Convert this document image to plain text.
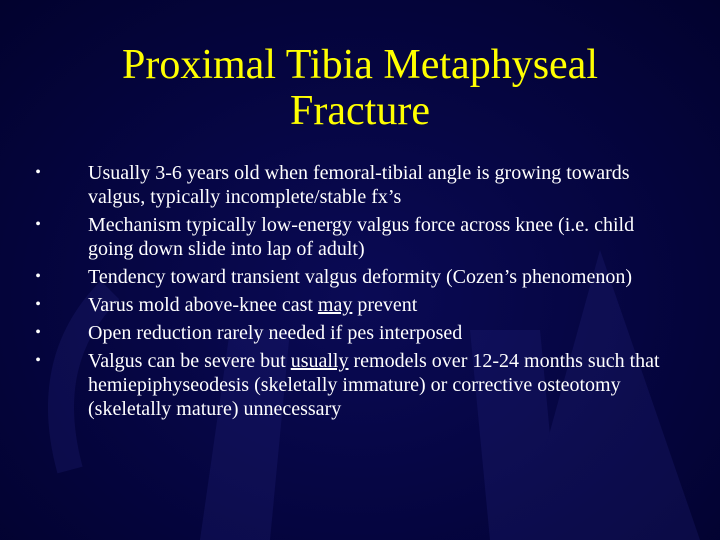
Proximal Tibia Metaphyseal
Fracture
•	Usually 3-6 years old when femoral-tibial angle is growing towards valgus, typically incomplete/stable fx’s
•	Mechanism typically low-energy valgus force across knee (i.e. child going down slide into lap of adult)
•	Tendency toward transient valgus deformity (Cozen’s phenomenon)
•	Varus mold above-knee cast may prevent
•	Open reduction rarely needed if pes interposed
•	Valgus can be severe but usually remodels over 12-24 months such that hemiepiphyseodesis (skeletally immature) or corrective osteotomy (skeletally mature) unnecessary
